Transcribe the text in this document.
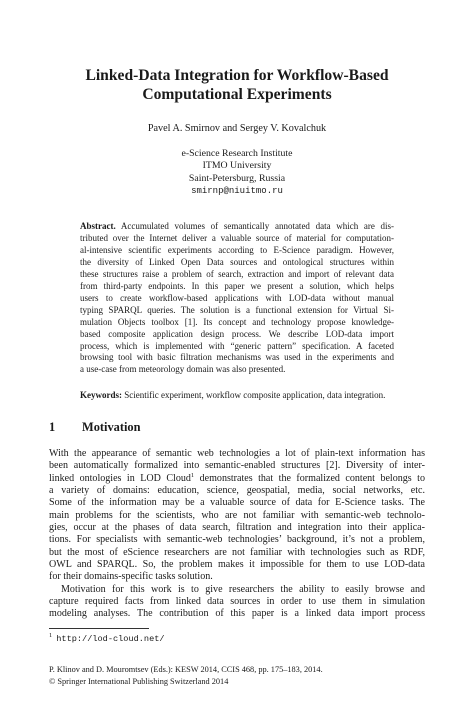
Linked-Data Integration for Workflow-Based
Computational Experiments
Pavel A. Smirnov and Sergey V. Kovalchuk
e-Science Research Institute
ITMO University
Saint-Petersburg, Russia
smirnp@niuitmo.ru
Abstract. Accumulated volumes of semantically annotated data which are dis-
tributed over the Internet deliver a valuable source of material for computation-
al-intensive scientific experiments according to E-Science paradigm. However,
the diversity of Linked Open Data sources and ontological structures within
these structures raise a problem of search, extraction and import of relevant data
from third-party endpoints. In this paper we present a solution, which helps
users to create workflow-based applications with LOD-data without manual
typing SPARQL queries. The solution is a functional extension for Virtual Si-
mulation Objects toolbox [1]. Its concept and technology propose knowledge-
based composite application design process. We describe LOD-data import
process, which is implemented with “generic pattern” specification. A faceted
browsing tool with basic filtration mechanisms was used in the experiments and
a use-case from meteorology domain was also presented.
Keywords: Scientific experiment, workflow composite application, data integration.
1 Motivation
With the appearance of semantic web technologies a lot of plain-text information has
been automatically formalized into semantic-enabled structures [2]. Diversity of inter-
linked ontologies in LOD Cloud$^1$ demonstrates that the formalized content belongs to
a variety of domains: education, science, geospatial, media, social networks, etc.
Some of the information may be a valuable source of data for E-Science tasks. The
main problems for the scientists, who are not familiar with semantic-web technolo-
gies, occur at the phases of data search, filtration and integration into their applica-
tions. For specialists with semantic-web technologies’ background, it’s not a problem,
but the most of eScience researchers are not familiar with technologies such as RDF,
OWL and SPARQL. So, the problem makes it impossible for them to use LOD-data
for their domains-specific tasks solution.
Motivation for this work is to give researchers the ability to easily browse and
capture required facts from linked data sources in order to use them in simulation
modeling analyses. The contribution of this paper is a linked data import process
$^1$ http://lod-cloud.net/
P. Klinov and D. Mouromtsev (Eds.): KESW 2014, CCIS 468, pp. 175–183, 2014.
© Springer International Publishing Switzerland 2014
